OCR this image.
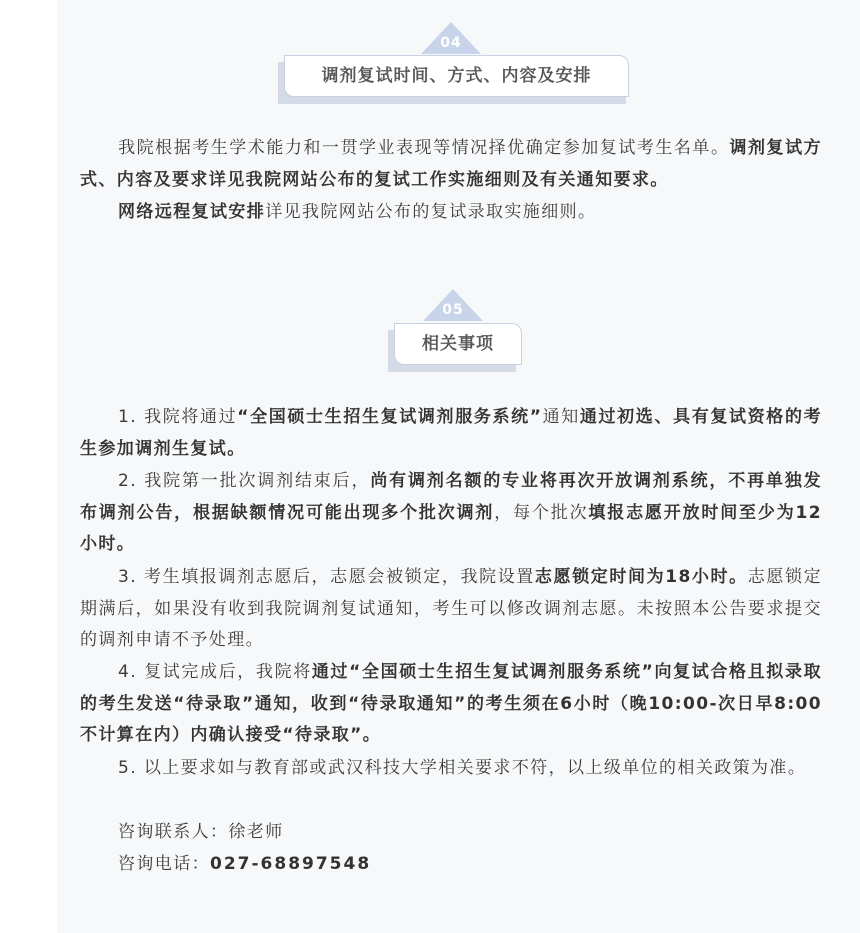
04
调剂复试时间、方式、内容及安排

我院根据考生学术能力和一贯学业表现等情况择优确定参加复试考生名单。调剂复试方式、内容及要求详见我院网站公布的复试工作实施细则及有关通知要求。

网络远程复试安排详见我院网站公布的复试录取实施细则。

05
相关事项

1. 我院将通过“全国硕士生招生复试调剂服务系统”通知通过初选、具有复试资格的考生参加调剂生复试。

2. 我院第一批次调剂结束后，尚有调剂名额的专业将再次开放调剂系统，不再单独发布调剂公告，根据缺额情况可能出现多个批次调剂，每个批次填报志愿开放时间至少为12小时。

3. 考生填报调剂志愿后，志愿会被锁定，我院设置志愿锁定时间为18小时。志愿锁定期满后，如果没有收到我院调剂复试通知，考生可以修改调剂志愿。未按照本公告要求提交的调剂申请不予处理。

4. 复试完成后，我院将通过“全国硕士生招生复试调剂服务系统”向复试合格且拟录取的考生发送“待录取”通知，收到“待录取通知”的考生须在6小时（晚10:00-次日早8:00不计算在内）内确认接受“待录取”。

5. 以上要求如与教育部或武汉科技大学相关要求不符，以上级单位的相关政策为准。

咨询联系人：徐老师

咨询电话：027-68897548
